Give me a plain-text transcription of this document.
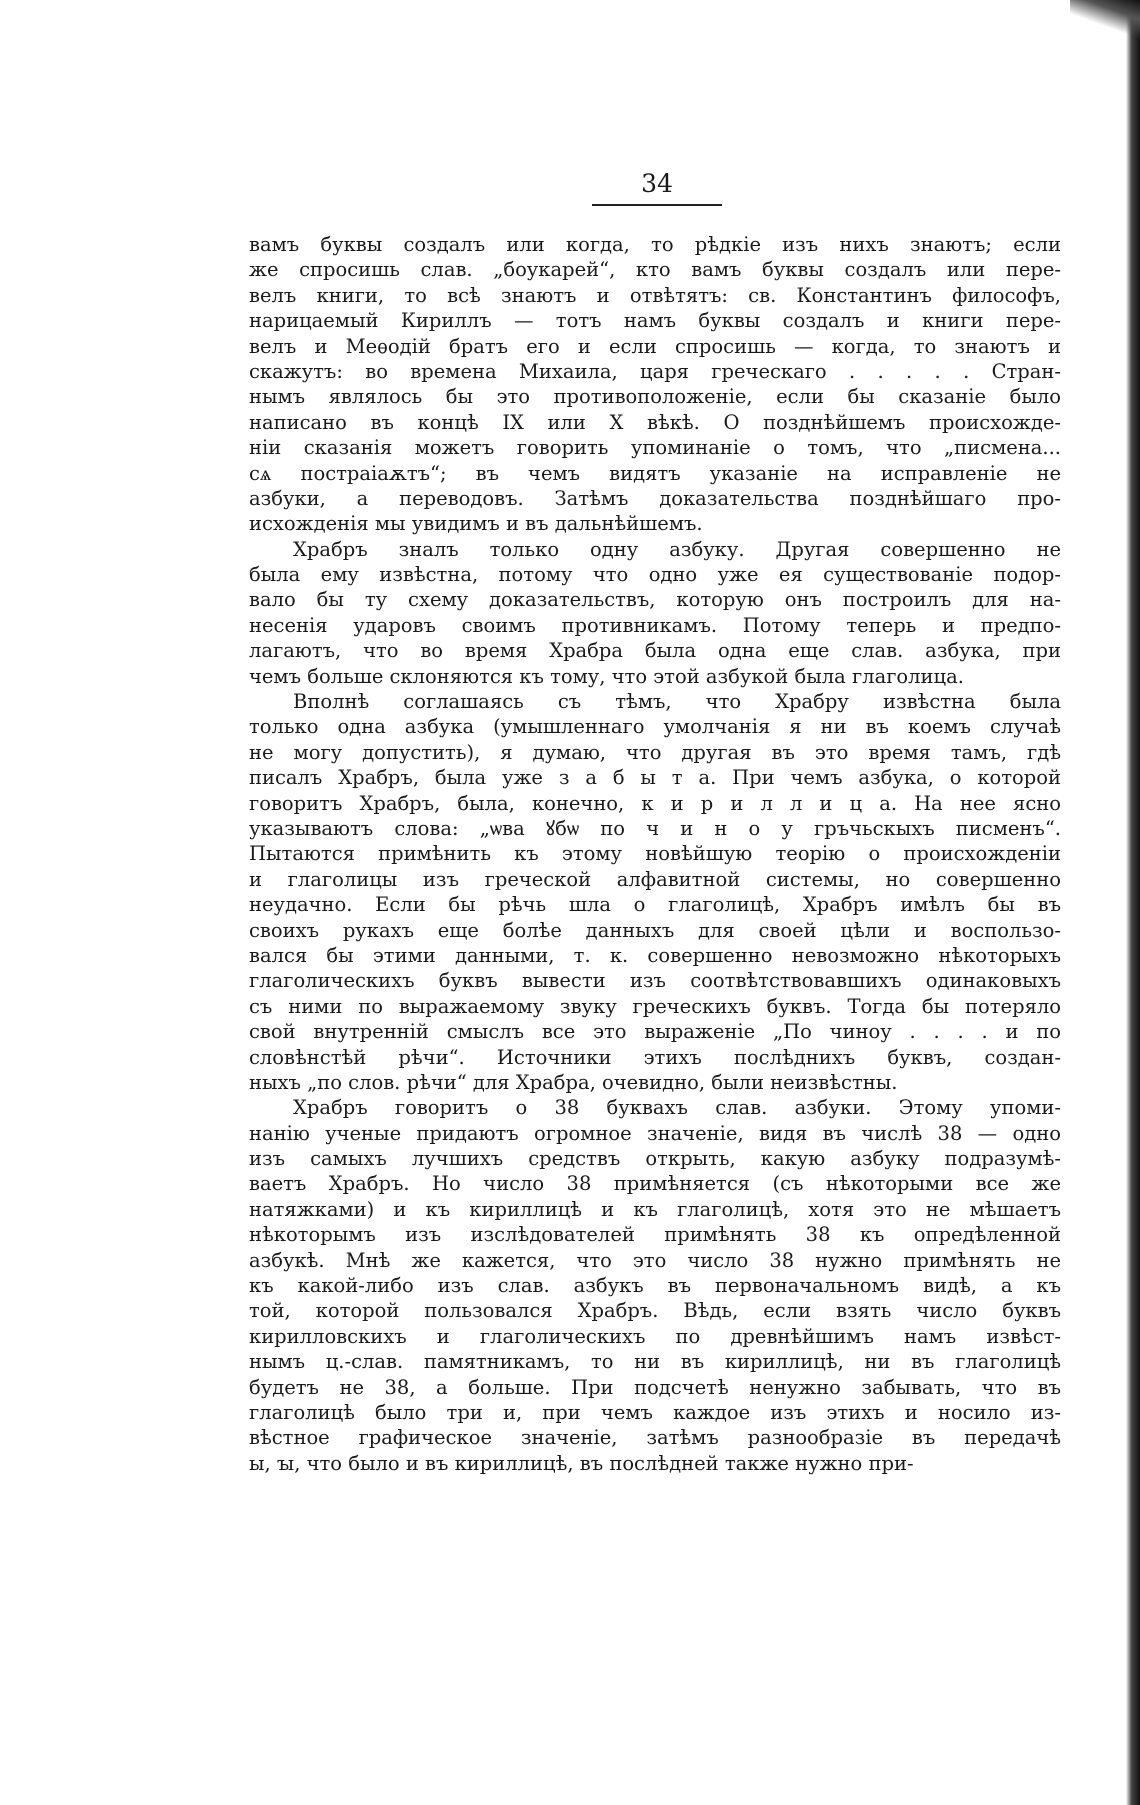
34
вамъ буквы создалъ или когда, то рѣдкіе изъ нихъ знаютъ; если
же спросишь слав. „боукарей“, кто вамъ буквы создалъ или пере-
велъ книги, то всѣ знаютъ и отвѣтятъ: св. Константинъ философъ,
нарицаемый Кириллъ — тотъ намъ буквы создалъ и книги пере-
велъ и Меѳодій братъ его и если спросишь — когда, то знаютъ и
скажутъ: во времена Михаила, царя греческаго . . . . . Стран-
нымъ являлось бы это противоположеніе, если бы сказаніе было
написано въ концѣ IX или X вѣкѣ. О позднѣйшемъ происхожде-
ніи сказанія можетъ говорить упоминаніе о томъ, что „писмена...
сѧ постраіаѫтъ“; въ чемъ видятъ указаніе на исправленіе не
азбуки, а переводовъ. Затѣмъ доказательства позднѣйшаго про-
исхожденія мы увидимъ и въ дальнѣйшемъ.
Храбръ зналъ только одну азбуку. Другая совершенно не
была ему извѣстна, потому что одно уже ея существованіе подор-
вало бы ту схему доказательствъ, которую онъ построилъ для на-
несенія ударовъ своимъ противникамъ. Потому теперь и предпо-
лагаютъ, что во время Храбра была одна еще слав. азбука, при
чемъ больше склоняются къ тому, что этой азбукой была глаголица.
Вполнѣ соглашаясь съ тѣмъ, что Храбру извѣстна была
только одна азбука (умышленнаго умолчанія я ни въ коемъ случаѣ
не могу допустить), я думаю, что другая въ это время тамъ, гдѣ
писалъ Храбръ, была уже з а б ы т а. При чемъ азбука, о которой
говоритъ Храбръ, была, конечно, к и р и л л и ц а. На нее ясно
указываютъ слова: „ѡва ꙋбѡ по ч и н о у гръчьскыхъ писменъ“.
Пытаются примѣнить къ этому новѣйшую теорію о происхожденіи
и глаголицы изъ греческой алфавитной системы, но совершенно
неудачно. Если бы рѣчь шла о глаголицѣ, Храбръ имѣлъ бы въ
своихъ рукахъ еще болѣе данныхъ для своей цѣли и воспользо-
вался бы этими данными, т. к. совершенно невозможно нѣкоторыхъ
глаголическихъ буквъ вывести изъ соотвѣтствовавшихъ одинаковыхъ
съ ними по выражаемому звуку греческихъ буквъ. Тогда бы потеряло
свой внутренній смыслъ все это выраженіе „По чиноу . . . . и по
словѣнстѣй рѣчи“. Источники этихъ послѣднихъ буквъ, создан-
ныхъ „по слов. рѣчи“ для Храбра, очевидно, были неизвѣстны.
Храбръ говоритъ о 38 буквахъ слав. азбуки. Этому упоми-
нанію ученые придаютъ огромное значеніе, видя въ числѣ 38 — одно
изъ самыхъ лучшихъ средствъ открыть, какую азбуку подразумѣ-
ваетъ Храбръ. Но число 38 примѣняется (съ нѣкоторыми все же
натяжками) и къ кириллицѣ и къ глаголицѣ, хотя это не мѣшаетъ
нѣкоторымъ изъ изслѣдователей примѣнять 38 къ опредѣленной
азбукѣ. Мнѣ же кажется, что это число 38 нужно примѣнять не
къ какой-либо изъ слав. азбукъ въ первоначальномъ видѣ, а къ
той, которой пользовался Храбръ. Вѣдь, если взять число буквъ
кирилловскихъ и глаголическихъ по древнѣйшимъ намъ извѣст-
нымъ ц.-слав. памятникамъ, то ни въ кириллицѣ, ни въ глаголицѣ
будетъ не 38, а больше. При подсчетѣ ненужно забывать, что въ
глаголицѣ было три и, при чемъ каждое изъ этихъ и носило из-
вѣстное графическое значеніе, затѣмъ разнообразіе въ передачѣ
ы, ꙑ, что было и въ кириллицѣ, въ послѣдней также нужно при-
